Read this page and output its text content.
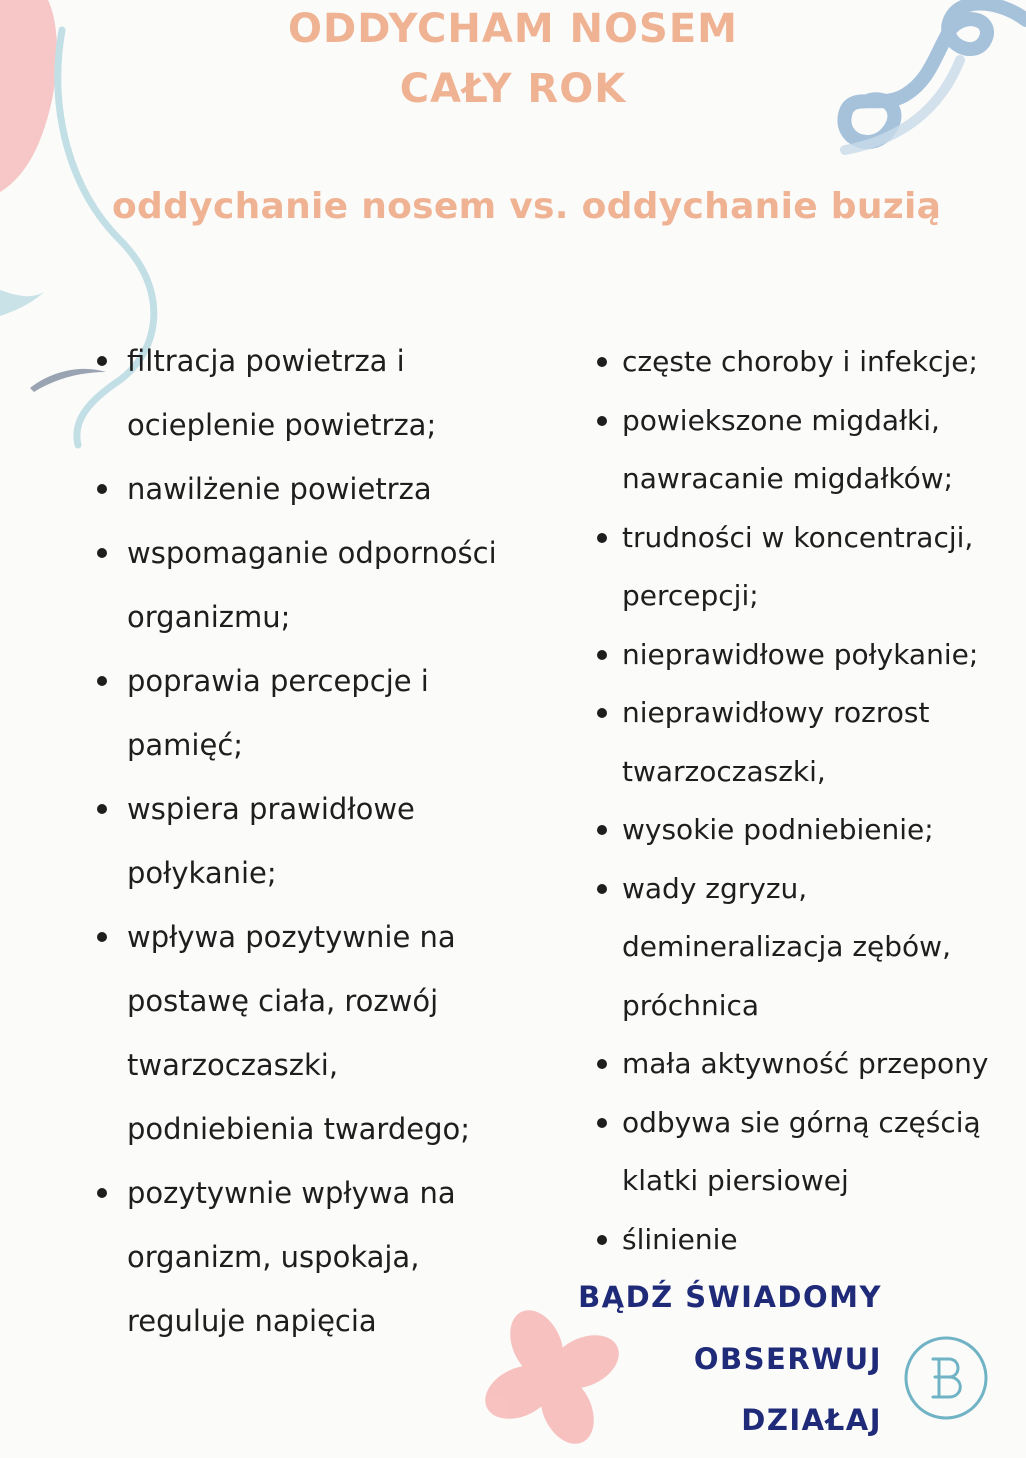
ODDYCHAM NOSEM
CAŁY ROK
oddychanie nosem vs. oddychanie buzią
filtracja powietrza i ocieplenie powietrza;
nawilżenie powietrza
wspomaganie odporności organizmu;
poprawia percepcje i pamięć;
wspiera prawidłowe połykanie;
wpływa pozytywnie na postawę ciała, rozwój twarzoczaszki, podniebienia twardego;
pozytywnie wpływa na organizm, uspokaja, reguluje napięcia
częste choroby i infekcje;
powiekszone migdałki, nawracanie migdałków;
trudności w koncentracji, percepcji;
nieprawidłowe połykanie;
nieprawidłowy rozrost twarzoczaszki,
wysokie podniebienie;
wady zgryzu, demineralizacja zębów, próchnica
mała aktywność przepony
odbywa sie górną częścią klatki piersiowej
ślinienie

BĄDŹ ŚWIADOMY

OBSERWUJ

DZIAŁAJ
